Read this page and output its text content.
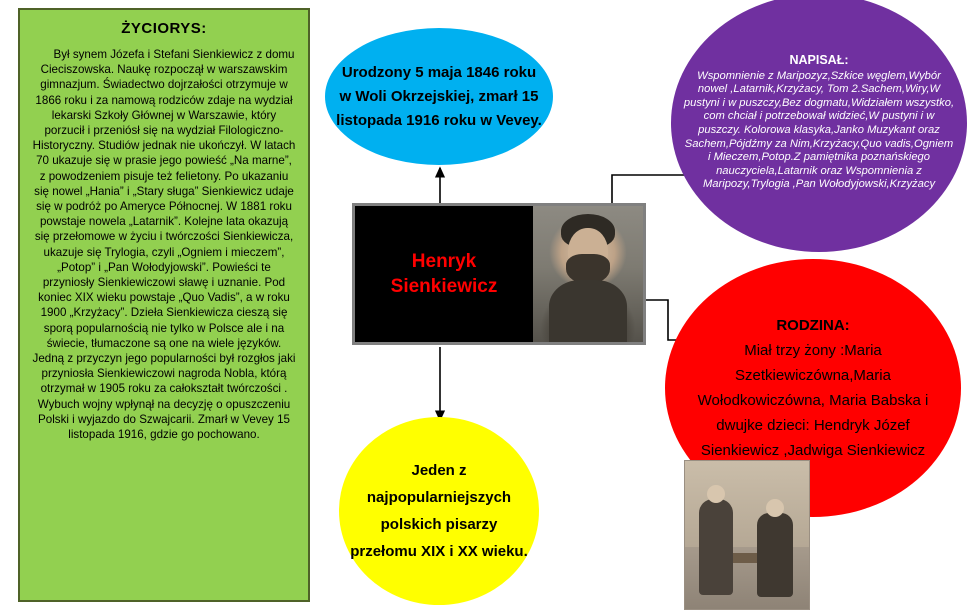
ŻYCIORYS:
Był synem Józefa i Stefani Sienkiewicz z domu Cieciszowska. Naukę rozpoczął w warszawskim gimnazjum. Świadectwo dojrzałości otrzymuje w 1866 roku i za namową rodziców zdaje na wydział lekarski Szkoły Głównej w Warszawie, który porzucił i przeniósł się na wydział Filologiczno-Historyczny. Studiów jednak nie ukończył. W latach 70 ukazuje się w prasie jego powieść „Na marne”, z powodzeniem pisuje też felietony. Po ukazaniu się nowel „Hania” i „Stary sługa” Sienkiewicz udaje się w podróż po Ameryce Północnej. W 1881 roku powstaje nowela „Latarnik”. Kolejne lata okazują się przełomowe w życiu i twórczości Sienkiewicza, ukazuje się Trylogia, czyli „Ogniem i mieczem”, „Potop” i „Pan Wołodyjowski”. Powieści te przyniosły Sienkiewiczowi sławę i uznanie. Pod koniec XIX wieku powstaje „Quo Vadis”, a w roku 1900 „Krzyżacy”. Dzieła Sienkiewicza cieszą się sporą popularnością nie tylko w Polsce ale i na świecie, tłumaczone są one na wiele języków. Jedną z przyczyn jego popularności był rozgłos jaki przyniosła Sienkiewiczowi nagroda Nobla, którą otrzymał w 1905 roku za całokształt twórczości . Wybuch wojny wpłynął na decyzję o opuszczeniu Polski i wyjazdo do Szwajcarii. Zmarł w Vevey 15 listopada 1916, gdzie go pochowano.
Urodzony 5 maja 1846 roku w Woli Okrzejskiej, zmarł 15 listopada 1916 roku w Vevey.
Jeden z najpopularniejszych polskich pisarzy przełomu XIX i XX wieku.
NAPISAŁ:
Wspomnienie z Maripozyz,Szkice węglem,Wybór nowel ,Latarnik,Krzyżacy, Tom 2.Sachem,Wiry,W pustyni i w puszczy,Bez dogmatu,Widziałem wszystko, com chciał i potrzebował widzieć,W pustyni i w puszczy. Kolorowa klasyka,Janko Muzykant oraz Sachem,Pójdźmy za Nim,Krzyżacy,Quo vadis,Ogniem i Mieczem,Potop.Z pamiętnika poznańskiego nauczyciela,Latarnik oraz Wspomnienia z Maripozy,Trylogia ,Pan Wołodyjowski,Krzyżacy
RODZINA:
Miał trzy żony :Maria Szetkiewiczówna,Maria Wołodkowiczówna, Maria Babska i dwujke dzieci: Hendryk Józef Sienkiewicz ,Jadwiga Sienkiewicz
Henryk
Sienkiewicz
